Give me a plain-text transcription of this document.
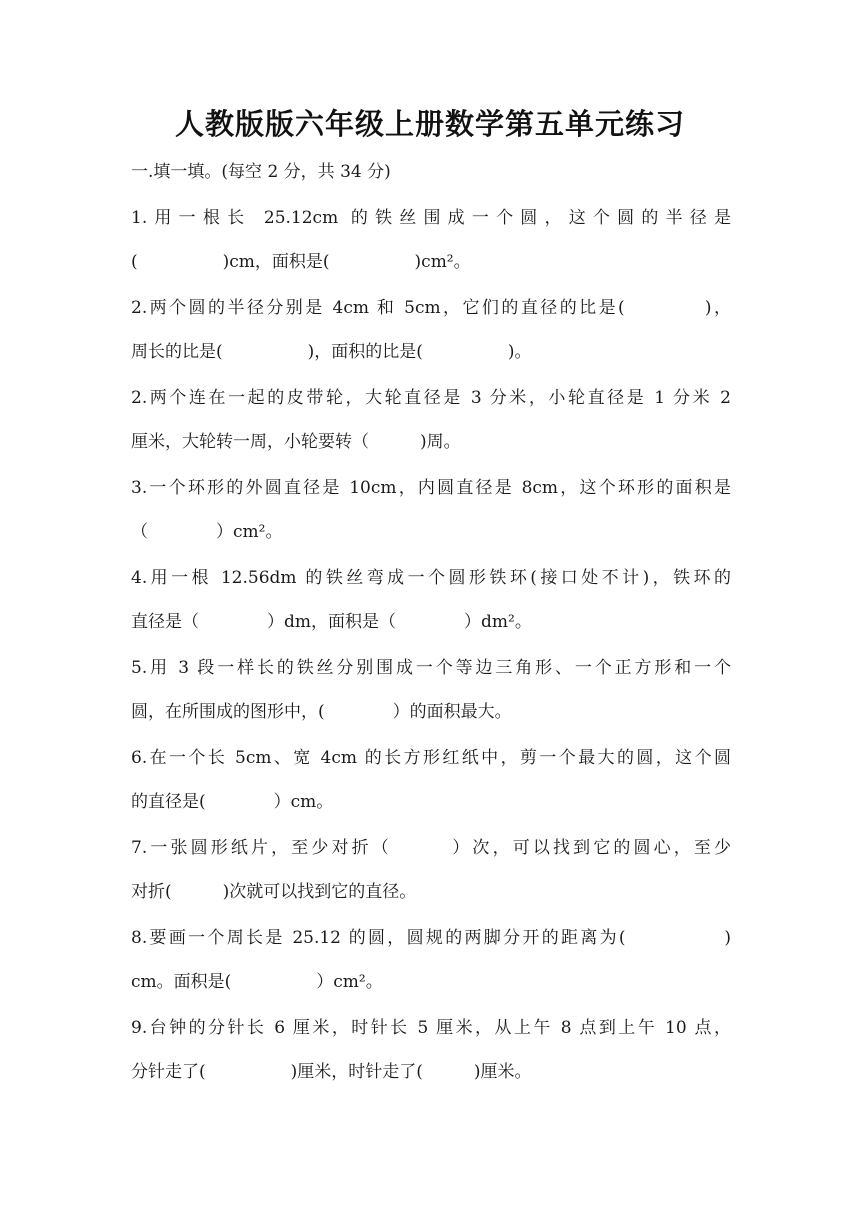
人教版版六年级上册数学第五单元练习
一.填一填。(每空 2 分，共 34 分)
1.用一根长 25.12cm 的铁丝围成一个圆，这个圆的半径是
(　　　　　)cm，面积是(　　　　　)cm²。
2.两个圆的半径分别是 4cm 和 5cm，它们的直径的比是(　　　　)，
周长的比是(　　　　　)，面积的比是(　　　　　)。
2.两个连在一起的皮带轮，大轮直径是 3 分米，小轮直径是 1 分米 2
厘米，大轮转一周，小轮要转（　　　)周。
3.一个环形的外圆直径是 10cm，内圆直径是 8cm，这个环形的面积是
（　　　　）cm²。
4.用一根 12.56dm 的铁丝弯成一个圆形铁环(接口处不计)，铁环的
直径是（　　　　）dm，面积是（　　　　）dm²。
5.用 3 段一样长的铁丝分别围成一个等边三角形、一个正方形和一个
圆，在所围成的图形中，(　　　　）的面积最大。
6.在一个长 5cm、宽 4cm 的长方形红纸中，剪一个最大的圆，这个圆
的直径是(　　　　）cm。
7.一张圆形纸片，至少对折（　　　）次，可以找到它的圆心，至少
对折(　　　)次就可以找到它的直径。
8.要画一个周长是 25.12 的圆，圆规的两脚分开的距离为(　　　　　)
cm。面积是(　　　　　）cm²。
9.台钟的分针长 6 厘米，时针长 5 厘米，从上午 8 点到上午 10 点，
分针走了(　　　　　)厘米，时针走了(　　　)厘米。
